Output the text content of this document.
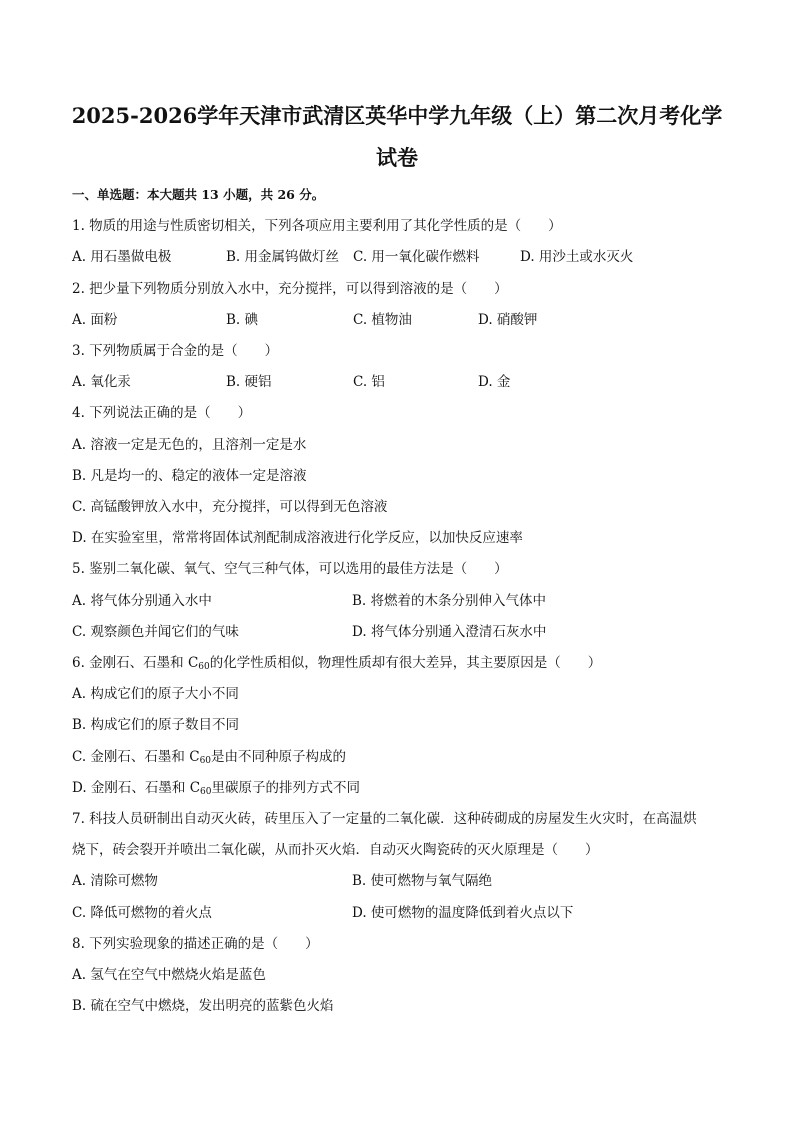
2025-2026学年天津市武清区英华中学九年级（上）第二次月考化学
试卷
一、单选题：本大题共 13 小题，共 26 分。
1. 物质的用途与性质密切相关，下列各项应用主要利用了其化学性质的是（　　）
A. 用石墨做电极	B. 用金属钨做灯丝 C. 用一氧化碳作燃料	D. 用沙土或水灭火
2. 把少量下列物质分别放入水中，充分搅拌，可以得到溶液的是（　　）
A. 面粉	B. 碘	C. 植物油	D. 硝酸钾
3. 下列物质属于合金的是（　　）
A. 氧化汞	B. 硬铝	C. 铝	D. 金
4. 下列说法正确的是（　　）
A. 溶液一定是无色的，且溶剂一定是水
B. 凡是均一的、稳定的液体一定是溶液
C. 高锰酸钾放入水中，充分搅拌，可以得到无色溶液
D. 在实验室里，常常将固体试剂配制成溶液进行化学反应，以加快反应速率
5. 鉴别二氧化碳、氧气、空气三种气体，可以选用的最佳方法是（　　）
A. 将气体分别通入水中	B. 将燃着的木条分别伸入气体中
C. 观察颜色并闻它们的气味	D. 将气体分别通入澄清石灰水中
6. 金刚石、石墨和 $C_{60}$的化学性质相似，物理性质却有很大差异，其主要原因是（　　）
A. 构成它们的原子大小不同
B. 构成它们的原子数目不同
C. 金刚石、石墨和 $C_{60}$是由不同种原子构成的
D. 金刚石、石墨和 $C_{60}$里碳原子的排列方式不同
7. 科技人员研制出自动灭火砖，砖里压入了一定量的二氧化碳．这种砖砌成的房屋发生火灾时，在高温烘
烧下，砖会裂开并喷出二氧化碳，从而扑灭火焰．自动灭火陶瓷砖的灭火原理是（　　）
A. 清除可燃物	B. 使可燃物与氧气隔绝
C. 降低可燃物的着火点	D. 使可燃物的温度降低到着火点以下
8. 下列实验现象的描述正确的是（　　）
A. 氢气在空气中燃烧火焰是蓝色
B. 硫在空气中燃烧，发出明亮的蓝紫色火焰
